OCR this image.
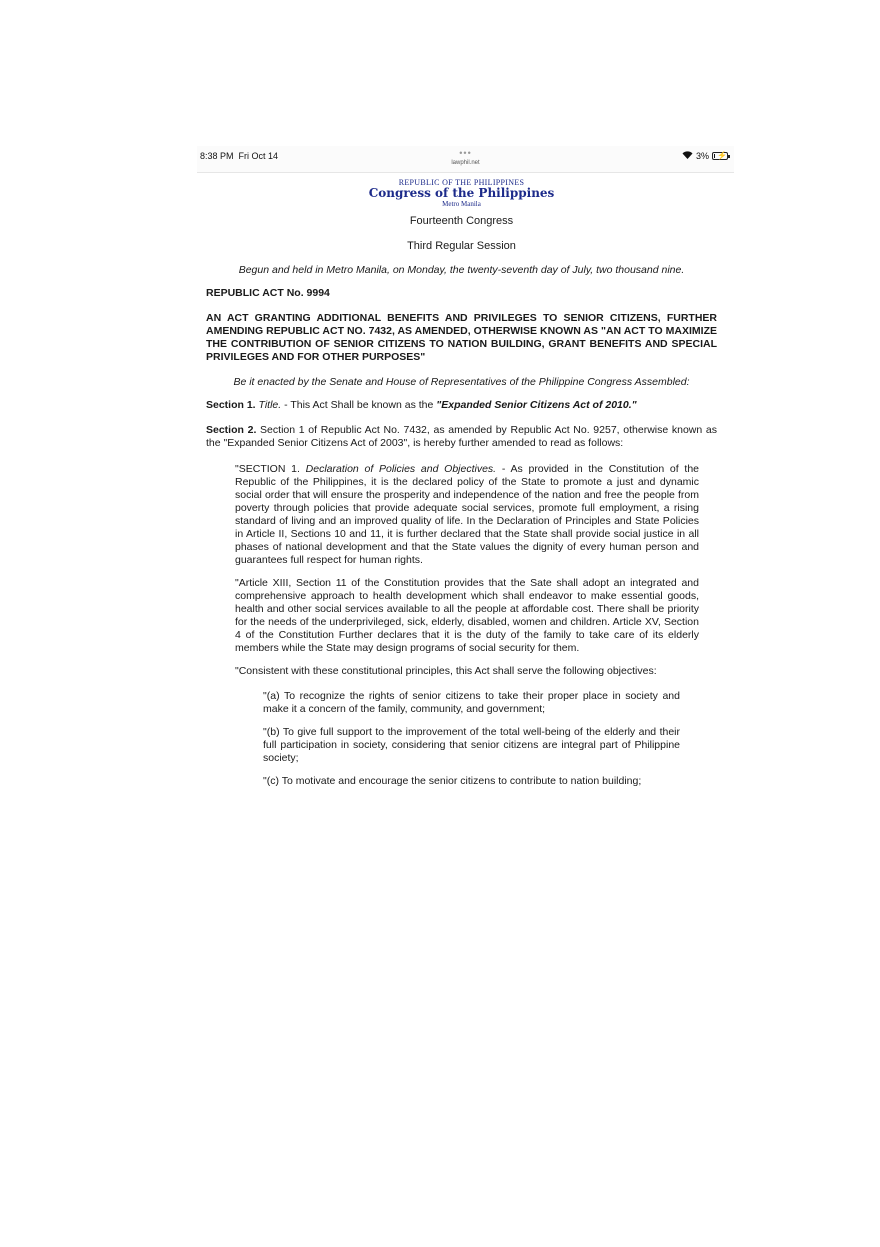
8:38 PM Fri Oct 14	•••
lawphil.net
3% ⚡
REPUBLIC OF THE PHILIPPINES
Congress of the Philippines
Metro Manila

Fourteenth Congress

Third Regular Session

Begun and held in Metro Manila, on Monday, the twenty-seventh day of July, two thousand nine.

REPUBLIC ACT No. 9994

AN ACT GRANTING ADDITIONAL BENEFITS AND PRIVILEGES TO SENIOR CITIZENS, FURTHER AMENDING REPUBLIC ACT NO. 7432, AS AMENDED, OTHERWISE KNOWN AS "AN ACT TO MAXIMIZE THE CONTRIBUTION OF SENIOR CITIZENS TO NATION BUILDING, GRANT BENEFITS AND SPECIAL PRIVILEGES AND FOR OTHER PURPOSES"

Be it enacted by the Senate and House of Representatives of the Philippine Congress Assembled:

Section 1. Title. - This Act Shall be known as the "Expanded Senior Citizens Act of 2010."

Section 2. Section 1 of Republic Act No. 7432, as amended by Republic Act No. 9257, otherwise known as the "Expanded Senior Citizens Act of 2003", is hereby further amended to read as follows:

"SECTION 1. Declaration of Policies and Objectives. - As provided in the Constitution of the Republic of the Philippines, it is the declared policy of the State to promote a just and dynamic social order that will ensure the prosperity and independence of the nation and free the people from poverty through policies that provide adequate social services, promote full employment, a rising standard of living and an improved quality of life. In the Declaration of Principles and State Policies in Article II, Sections 10 and 11, it is further declared that the State shall provide social justice in all phases of national development and that the State values the dignity of every human person and guarantees full respect for human rights.

"Article XIII, Section 11 of the Constitution provides that the Sate shall adopt an integrated and comprehensive approach to health development which shall endeavor to make essential goods, health and other social services available to all the people at affordable cost. There shall be priority for the needs of the underprivileged, sick, elderly, disabled, women and children. Article XV, Section 4 of the Constitution Further declares that it is the duty of the family to take care of its elderly members while the State may design programs of social security for them.

"Consistent with these constitutional principles, this Act shall serve the following objectives:

"(a) To recognize the rights of senior citizens to take their proper place in society and make it a concern of the family, community, and government;

"(b) To give full support to the improvement of the total well-being of the elderly and their full participation in society, considering that senior citizens are integral part of Philippine society;

"(c) To motivate and encourage the senior citizens to contribute to nation building;
